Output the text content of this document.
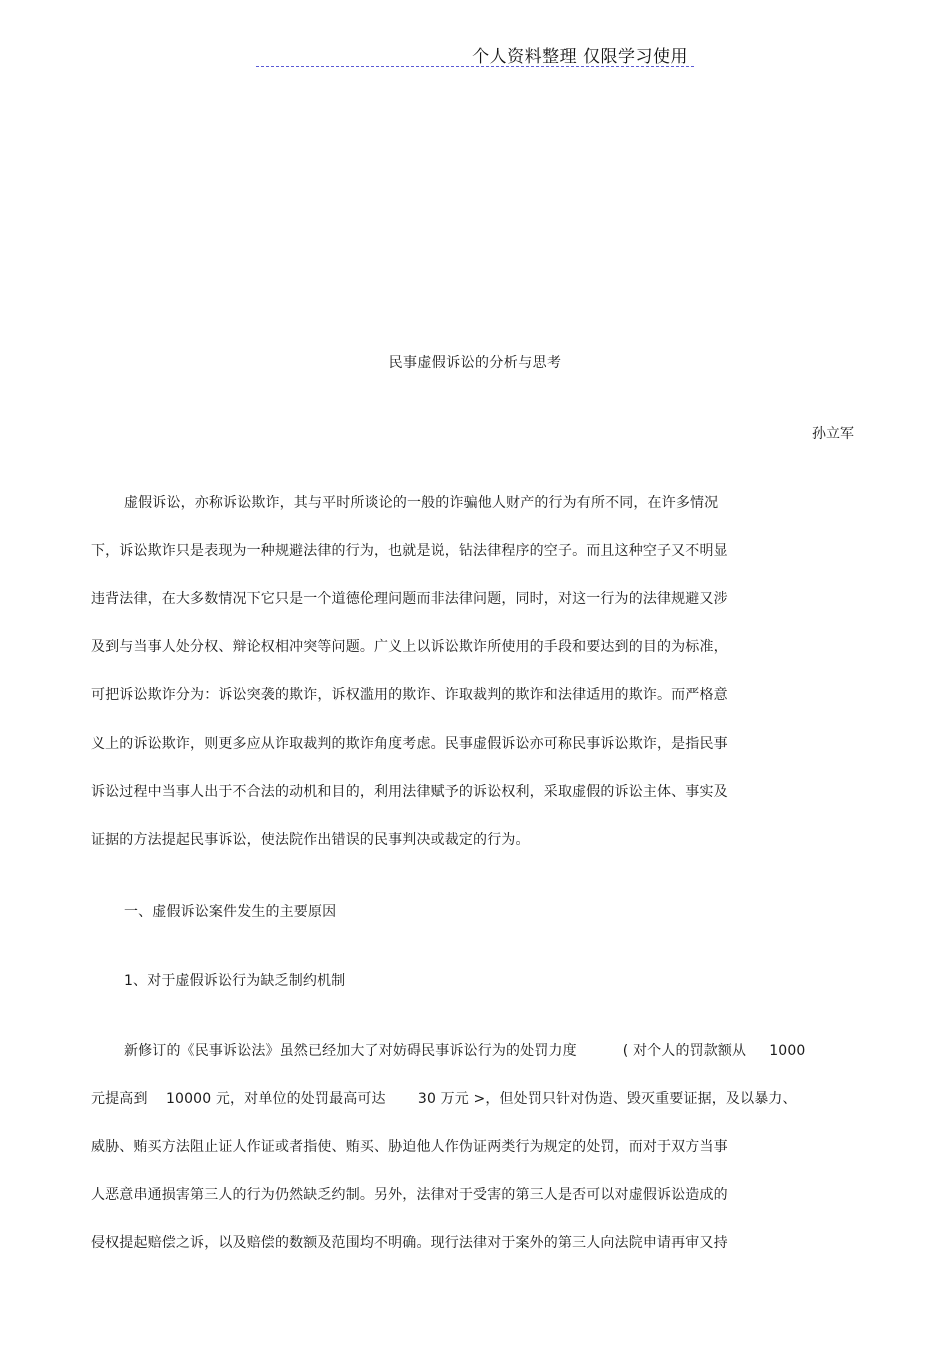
个人资料整理 仅限学习使用
民事虚假诉讼的分析与思考
孙立军
虚假诉讼，亦称诉讼欺诈，其与平时所谈论的一般的诈骗他人财产的行为有所不同，在许多情况
下，诉讼欺诈只是表现为一种规避法律的行为，也就是说，钻法律程序的空子。而且这种空子又不明显
违背法律，在大多数情况下它只是一个道德伦理问题而非法律问题，同时，对这一行为的法律规避又涉
及到与当事人处分权、辩论权相冲突等问题。广义上以诉讼欺诈所使用的手段和要达到的目的为标准，
可把诉讼欺诈分为：诉讼突袭的欺诈，诉权滥用的欺诈、诈取裁判的欺诈和法律适用的欺诈。而严格意
义上的诉讼欺诈，则更多应从诈取裁判的欺诈角度考虑。民事虚假诉讼亦可称民事诉讼欺诈，是指民事
诉讼过程中当事人出于不合法的动机和目的，利用法律赋予的诉讼权利，采取虚假的诉讼主体、事实及
证据的方法提起民事诉讼，使法院作出错误的民事判决或裁定的行为。
一、虚假诉讼案件发生的主要原因
1、对于虚假诉讼行为缺乏制约机制
新修订的《民事诉讼法》虽然已经加大了对妨碍民事诉讼行为的处罚力度          ( 对个人的罚款额从     1000
元提高到    10000 元，对单位的处罚最高可达       30 万元 >，但处罚只针对伪造、毁灭重要证据，及以暴力、
威胁、贿买方法阻止证人作证或者指使、贿买、胁迫他人作伪证两类行为规定的处罚，而对于双方当事
人恶意串通损害第三人的行为仍然缺乏约制。另外，法律对于受害的第三人是否可以对虚假诉讼造成的
侵权提起赔偿之诉，以及赔偿的数额及范围均不明确。现行法律对于案外的第三人向法院申请再审又持
